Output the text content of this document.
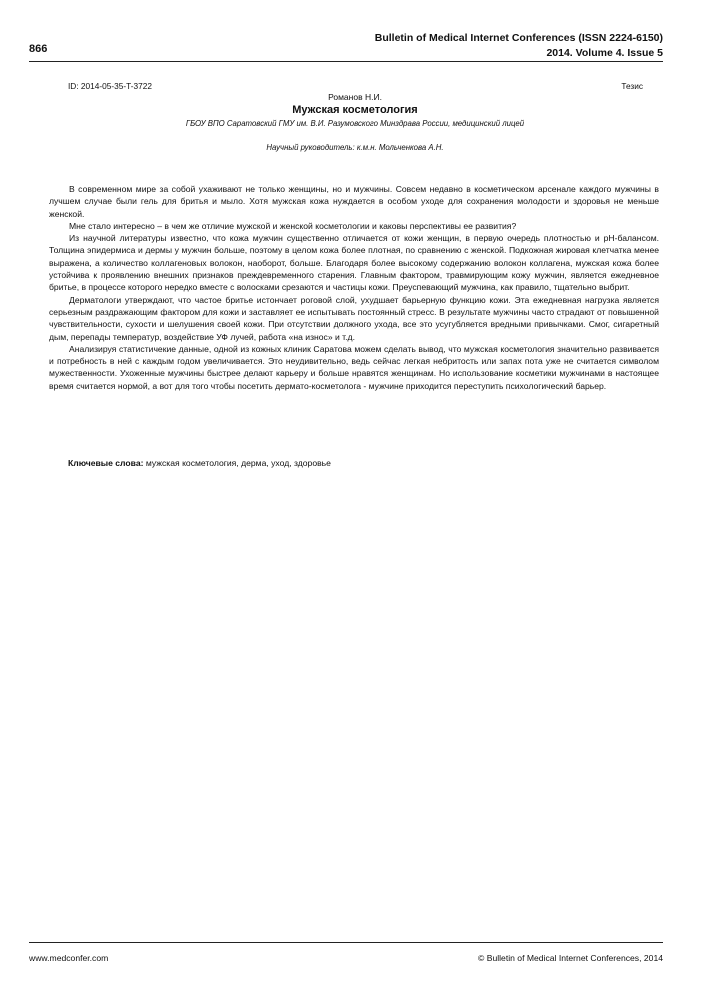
Bulletin of Medical Internet Conferences (ISSN 2224-6150)
2014. Volume 4. Issue 5
866
ID: 2014-05-35-T-3722	Тезис
Романов Н.И.
Мужская косметология
ГБОУ ВПО Саратовский ГМУ им. В.И. Разумовского Минздрава России, медицинский лицей
Научный руководитель: к.м.н. Мольченкова А.Н.

В современном мире за собой ухаживают не только женщины, но и мужчины. Совсем недавно в косметическом арсенале каждого мужчины в лучшем случае были гель для бритья и мыло. Хотя мужская кожа нуждается в особом уходе для сохранения молодости и здоровья не меньше женской.

Мне стало интересно – в чем же отличие мужской и женской косметологии и каковы перспективы ее развития?

Из научной литературы известно, что кожа мужчин существенно отличается от кожи женщин, в первую очередь плотностью и pH-балансом. Толщина эпидермиса и дермы у мужчин больше, поэтому в целом кожа более плотная, по сравнению с женской. Подкожная жировая клетчатка менее выражена, а количество коллагеновых волокон, наоборот, больше. Благодаря более высокому содержанию волокон коллагена, мужская кожа более устойчива к проявлению внешних признаков преждевременного старения. Главным фактором, травмирующим кожу мужчин, является ежедневное бритье, в процессе которого нередко вместе с волосками срезаются и частицы кожи. Преуспевающий мужчина, как правило, тщательно выбрит.

Дерматологи утверждают, что частое бритье истончает роговой слой, ухудшает барьерную функцию кожи. Эта ежедневная нагрузка является серьезным раздражающим фактором для кожи и заставляет ее испытывать постоянный стресс. В результате мужчины часто страдают от повышенной чувствительности, сухости и шелушения своей кожи. При отсутствии должного ухода, все это усугубляется вредными привычками. Смог, сигаретный дым, перепады температур, воздействие УФ лучей, работа «на износ» и т.д.

Анализируя статистичекие данные, одной из кожных клиник Саратова можем сделать вывод, что мужская косметология значительно развивается и потребность в ней с каждым годом увеличивается. Это неудивительно, ведь сейчас легкая небритость или запах пота уже не считается символом мужественности. Ухоженные мужчины быстрее делают карьеру и больше нравятся женщинам. Но использование косметики мужчинами в настоящее время считается нормой, а вот для того чтобы посетить дермато-косметолога - мужчине приходится переступить психологический барьер.

Ключевые слова: мужская косметология, дерма, уход, здоровье
www.medconfer.com	© Bulletin of Medical Internet Conferences, 2014
